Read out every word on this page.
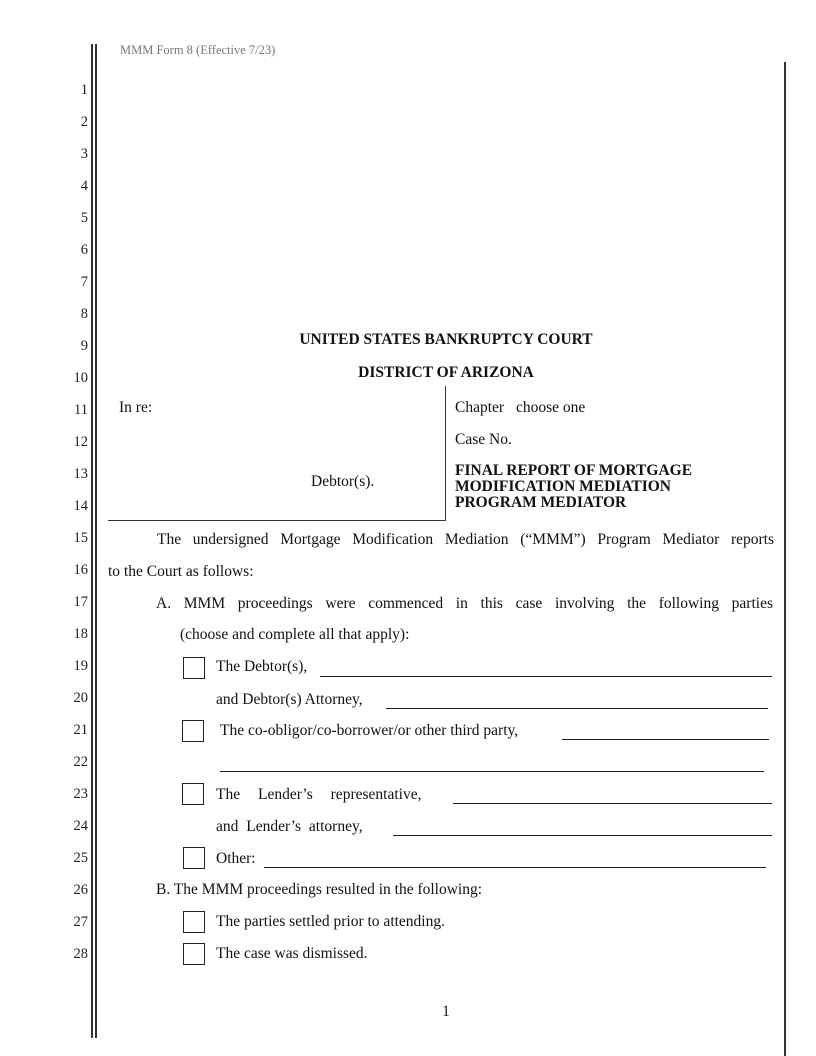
MMM Form 8 (Effective 7/23)
1
2
3
4
5
6
7
8
9
10
11
12
13
14
15
16
17
18
19
20
21
22
23
24
25
26
27
28
UNITED STATES BANKRUPTCY COURT
DISTRICT OF ARIZONA
In re:
Debtor(s).
Chapter choose one
Case No.
FINAL REPORT OF MORTGAGE
MODIFICATION MEDIATION
PROGRAM MEDIATOR
The undersigned Mortgage Modification Mediation (“MMM”) Program Mediator reports
to the Court as follows:
A. MMM proceedings were commenced in this case involving the following parties
(choose and complete all that apply):
The Debtor(s),
and Debtor(s) Attorney,
The co-obligor/co-borrower/or other third party,
The Lender’s representative,
and Lender’s attorney,
Other:
B. The MMM proceedings resulted in the following:
The parties settled prior to attending.
The case was dismissed.
1
